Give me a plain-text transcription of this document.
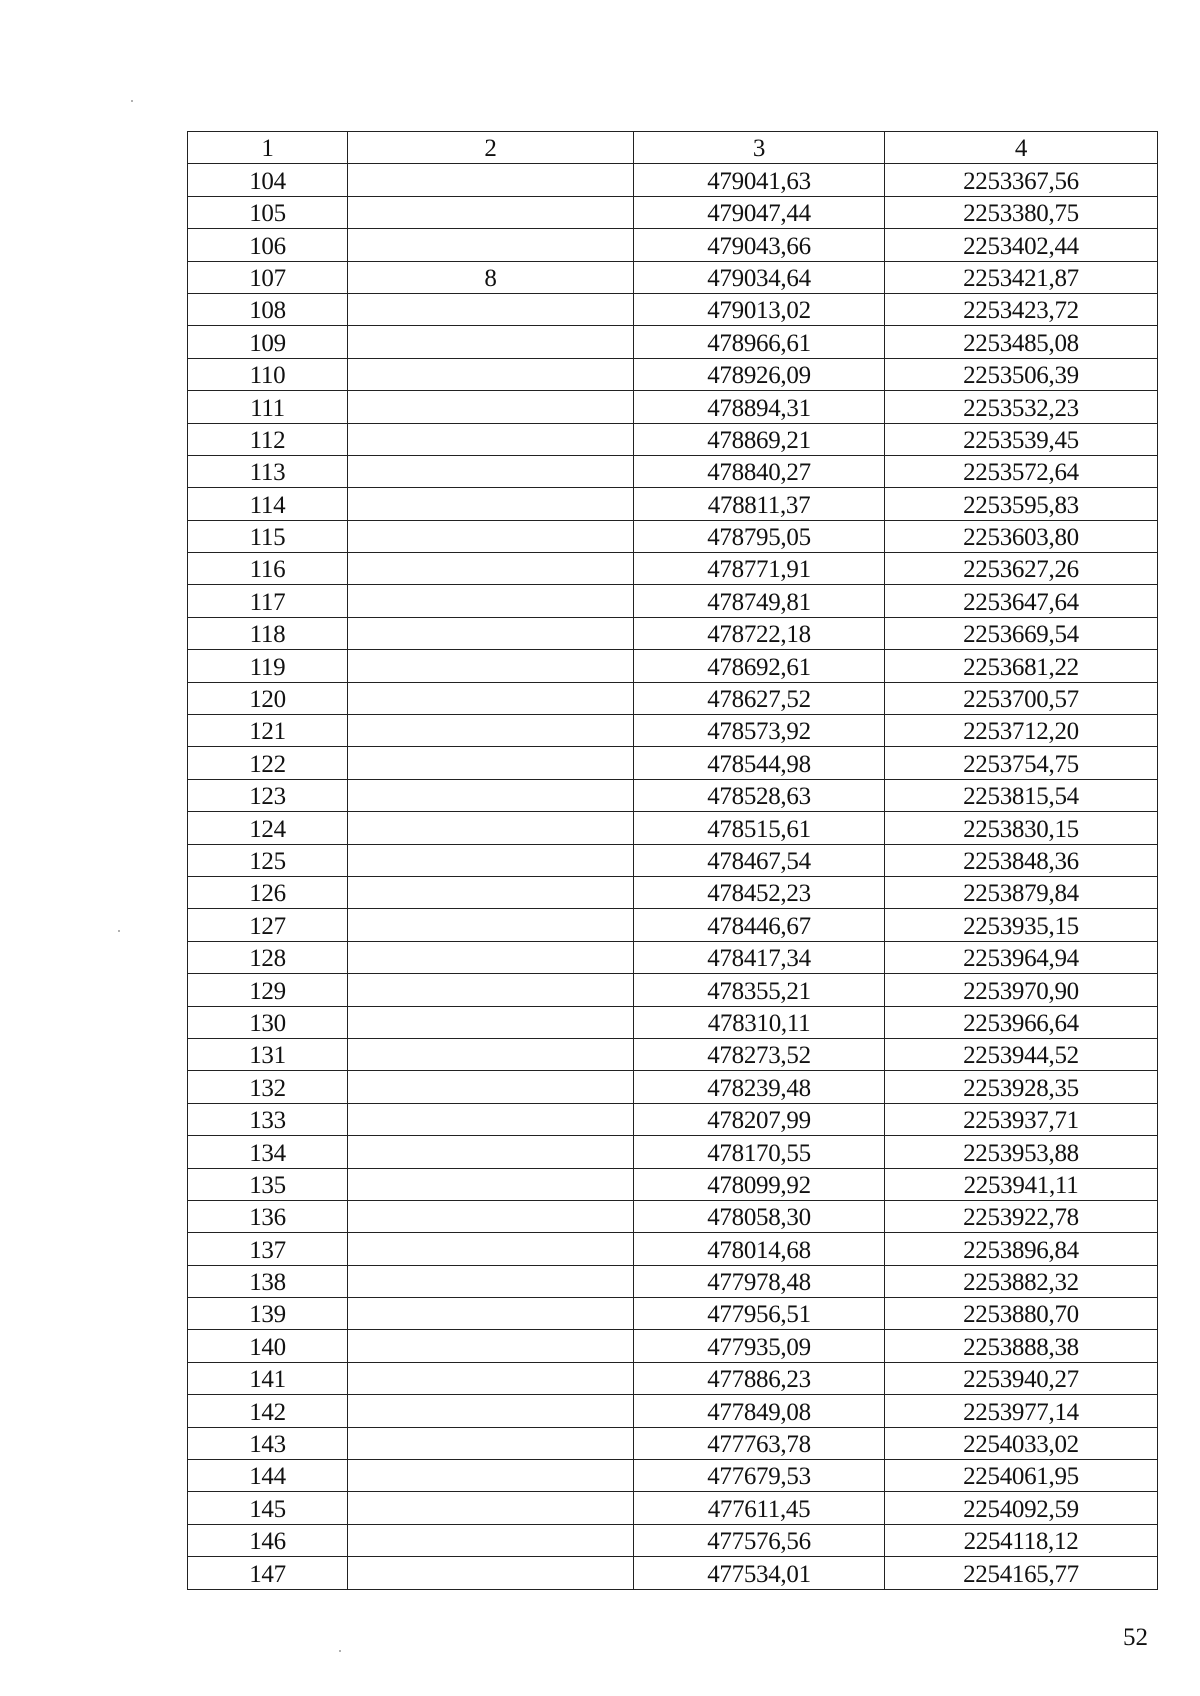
1	2	3	4
104		479041,63	2253367,56
105		479047,44	2253380,75
106		479043,66	2253402,44
107	8	479034,64	2253421,87
108		479013,02	2253423,72
109		478966,61	2253485,08
110		478926,09	2253506,39
111		478894,31	2253532,23
112		478869,21	2253539,45
113		478840,27	2253572,64
114		478811,37	2253595,83
115		478795,05	2253603,80
116		478771,91	2253627,26
117		478749,81	2253647,64
118		478722,18	2253669,54
119		478692,61	2253681,22
120		478627,52	2253700,57
121		478573,92	2253712,20
122		478544,98	2253754,75
123		478528,63	2253815,54
124		478515,61	2253830,15
125		478467,54	2253848,36
126		478452,23	2253879,84
127		478446,67	2253935,15
128		478417,34	2253964,94
129		478355,21	2253970,90
130		478310,11	2253966,64
131		478273,52	2253944,52
132		478239,48	2253928,35
133		478207,99	2253937,71
134		478170,55	2253953,88
135		478099,92	2253941,11
136		478058,30	2253922,78
137		478014,68	2253896,84
138		477978,48	2253882,32
139		477956,51	2253880,70
140		477935,09	2253888,38
141		477886,23	2253940,27
142		477849,08	2253977,14
143		477763,78	2254033,02
144		477679,53	2254061,95
145		477611,45	2254092,59
146		477576,56	2254118,12
147		477534,01	2254165,77
52
